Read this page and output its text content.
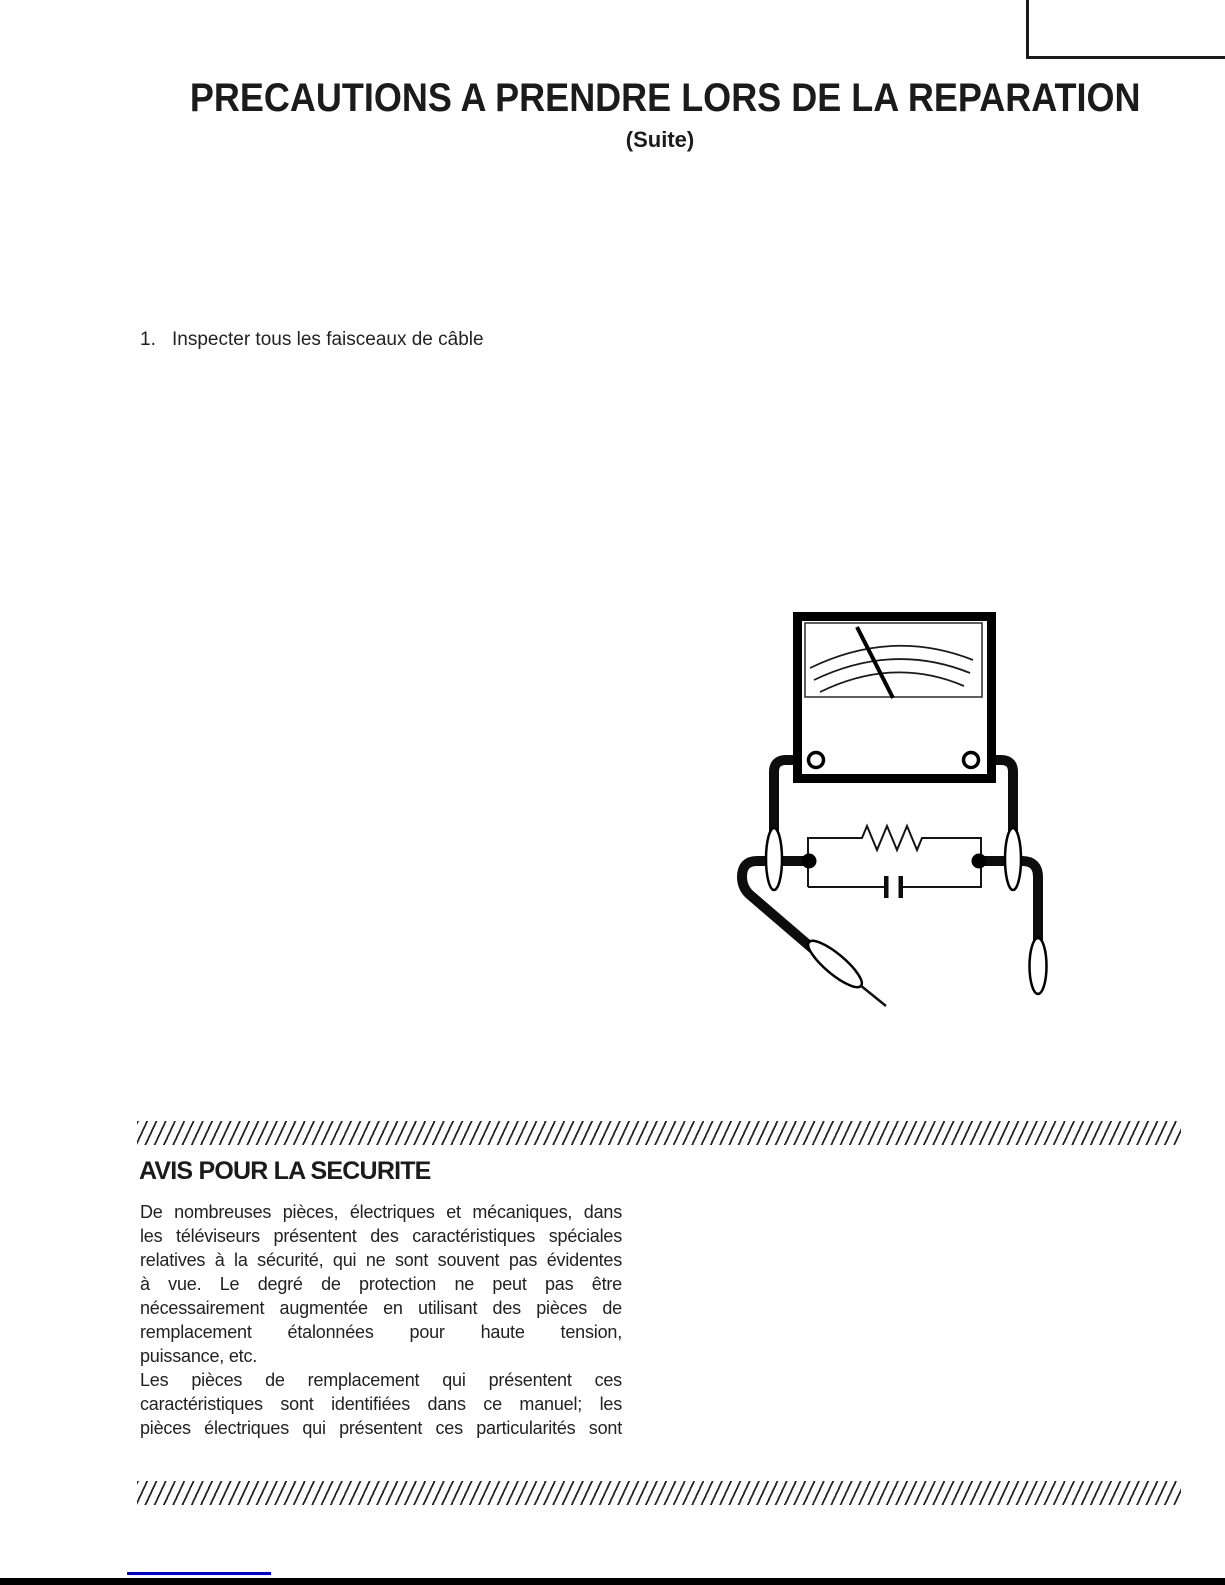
PRECAUTIONS A PRENDRE LORS DE LA REPARATION
(Suite)
1. Inspecter tous les faisceaux de câble
AVIS POUR LA SECURITE
De nombreuses pièces, électriques et mécaniques, dans
les téléviseurs présentent des caractéristiques spéciales
relatives à la sécurité, qui ne sont souvent pas évidentes
à vue. Le degré de protection ne peut pas être
nécessairement augmentée en utilisant des pièces de
remplacement étalonnées pour haute tension,
puissance, etc.
Les pièces de remplacement qui présentent ces
caractéristiques sont identifiées dans ce manuel; les
pièces électriques qui présentent ces particularités sont
